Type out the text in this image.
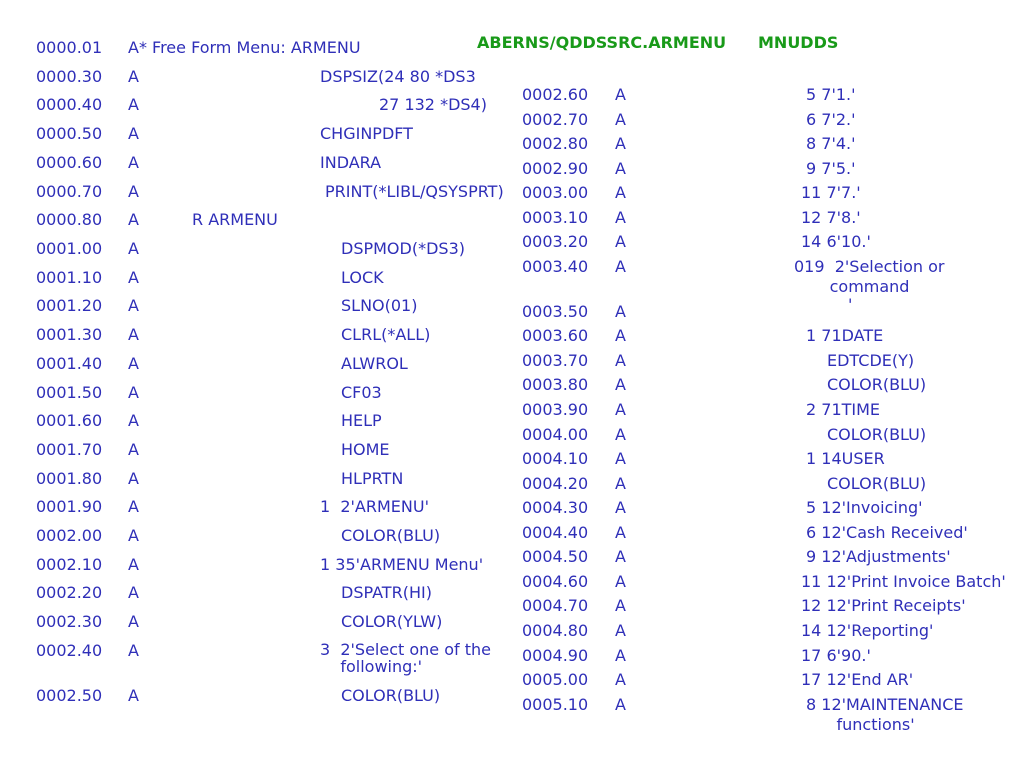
ABERNS/QDDSSRC.ARMENU MNUDDS
0000.01 A* Free Form Menu: ARMENU
0000.30 A	DSPSIZ(24 80 *DS3
0000.40 A	27 132 *DS4)
0000.50 A	CHGINPDFT
0000.60 A	INDARA
0000.70 A	PRINT(*LIBL/QSYSPRT)
0000.80 A	R ARMENU
0001.00 A	DSPMOD(*DS3)
0001.10 A	LOCK
0001.20 A	SLNO(01)
0001.30 A	CLRL(*ALL)
0001.40 A	ALWROL
0001.50 A	CF03
0001.60 A	HELP
0001.70 A	HOME
0001.80 A	HLPRTN
0001.90 A	1  2'ARMENU'
0002.00 A	COLOR(BLU)
0002.10 A	1 35'ARMENU Menu'
0002.20 A	DSPATR(HI)
0002.30 A	COLOR(YLW)
0002.40 A	3  2'Select one of the
following:'
0002.50 A	COLOR(BLU)
0002.60 A	5 7'1.'
0002.70 A	6 7'2.'
0002.80 A	8 7'4.'
0002.90 A	9 7'5.'
0003.00 A	11 7'7.'
0003.10 A	12 7'8.'
0003.20 A	14 6'10.'
0003.40 A	019  2'Selection or
command
0003.50 A	'
0003.60 A	1 71DATE
0003.70 A	EDTCDE(Y)
0003.80 A	COLOR(BLU)
0003.90 A	2 71TIME
0004.00 A	COLOR(BLU)
0004.10 A	1 14USER
0004.20 A	COLOR(BLU)
0004.30 A	5 12'Invoicing'
0004.40 A	6 12'Cash Received'
0004.50 A	9 12'Adjustments'
0004.60 A	11 12'Print Invoice Batch'
0004.70 A	12 12'Print Receipts'
0004.80 A	14 12'Reporting'
0004.90 A	17 6'90.'
0005.00 A	17 12'End AR'
0005.10 A	8 12'MAINTENANCE
functions'
